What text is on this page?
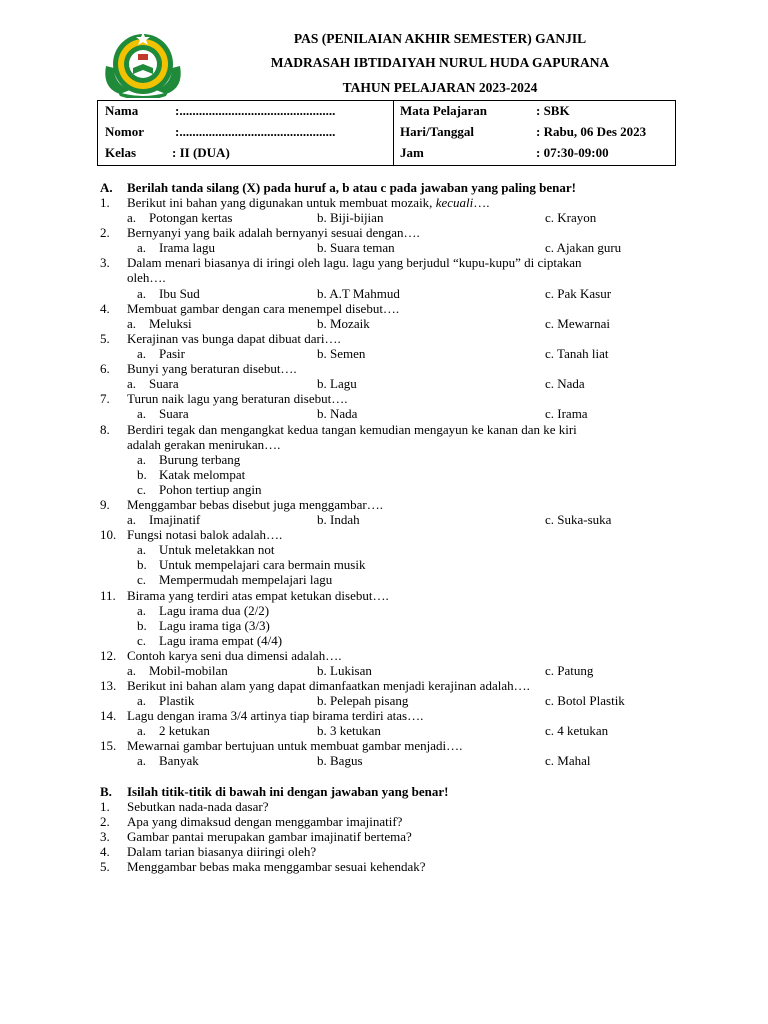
PAS (PENILAIAN AKHIR SEMESTER) GANJIL
MADRASAH IBTIDAIYAH NURUL HUDA GAPURANA
TAHUN PELAJARAN 2023-2024
Nama	:................................................
Nomor :................................................
Kelas	: II (DUA)
Mata Pelajaran	: SBK
Hari/Tanggal	: Rabu, 06 Des 2023
Jam	: 07:30-09:00
A. Berilah tanda silang (X) pada huruf a, b atau c pada jawaban yang paling benar!
1. Berikut ini bahan yang digunakan untuk membuat mozaik, kecuali….
a. Potongan kertas	b. Biji-bijian	c. Krayon
2. Bernyanyi yang baik adalah bernyanyi sesuai dengan….
a. Irama lagu	b. Suara teman	c. Ajakan guru
3. Dalam menari biasanya di iringi oleh lagu. lagu yang berjudul “kupu-kupu” di ciptakan
oleh….
a. Ibu Sud	b. A.T Mahmud	c. Pak Kasur
4. Membuat gambar dengan cara menempel disebut….
a. Meluksi	b. Mozaik	c. Mewarnai
5. Kerajinan vas bunga dapat dibuat dari….
a. Pasir	b. Semen	c. Tanah liat
6. Bunyi yang beraturan disebut….
a. Suara	b. Lagu	c. Nada
7. Turun naik lagu yang beraturan disebut….
a. Suara	b. Nada	c. Irama
8. Berdiri tegak dan mengangkat kedua tangan kemudian mengayun ke kanan dan ke kiri
adalah gerakan menirukan….
a. Burung terbang
b. Katak melompat
c. Pohon tertiup angin
9. Menggambar bebas disebut juga menggambar….
a. Imajinatif	b. Indah	c. Suka-suka
10. Fungsi notasi balok adalah….
a. Untuk meletakkan not
b. Untuk mempelajari cara bermain musik
c. Mempermudah mempelajari lagu
11. Birama yang terdiri atas empat ketukan disebut….
a. Lagu irama dua (2/2)
b. Lagu irama tiga (3/3)
c. Lagu irama empat (4/4)
12. Contoh karya seni dua dimensi adalah….
a. Mobil-mobilan	b. Lukisan	c. Patung
13. Berikut ini bahan alam yang dapat dimanfaatkan menjadi kerajinan adalah….
a. Plastik	b. Pelepah pisang	c. Botol Plastik
14. Lagu dengan irama 3/4 artinya tiap birama terdiri atas….
a. 2 ketukan	b. 3 ketukan	c. 4 ketukan
15. Mewarnai gambar bertujuan untuk membuat gambar menjadi….
a. Banyak	b. Bagus	c. Mahal
B. Isilah titik-titik di bawah ini dengan jawaban yang benar!
1. Sebutkan nada-nada dasar?
2. Apa yang dimaksud dengan menggambar imajinatif?
3. Gambar pantai merupakan gambar imajinatif bertema?
4. Dalam tarian biasanya diiringi oleh?
5. Menggambar bebas maka menggambar sesuai kehendak?
